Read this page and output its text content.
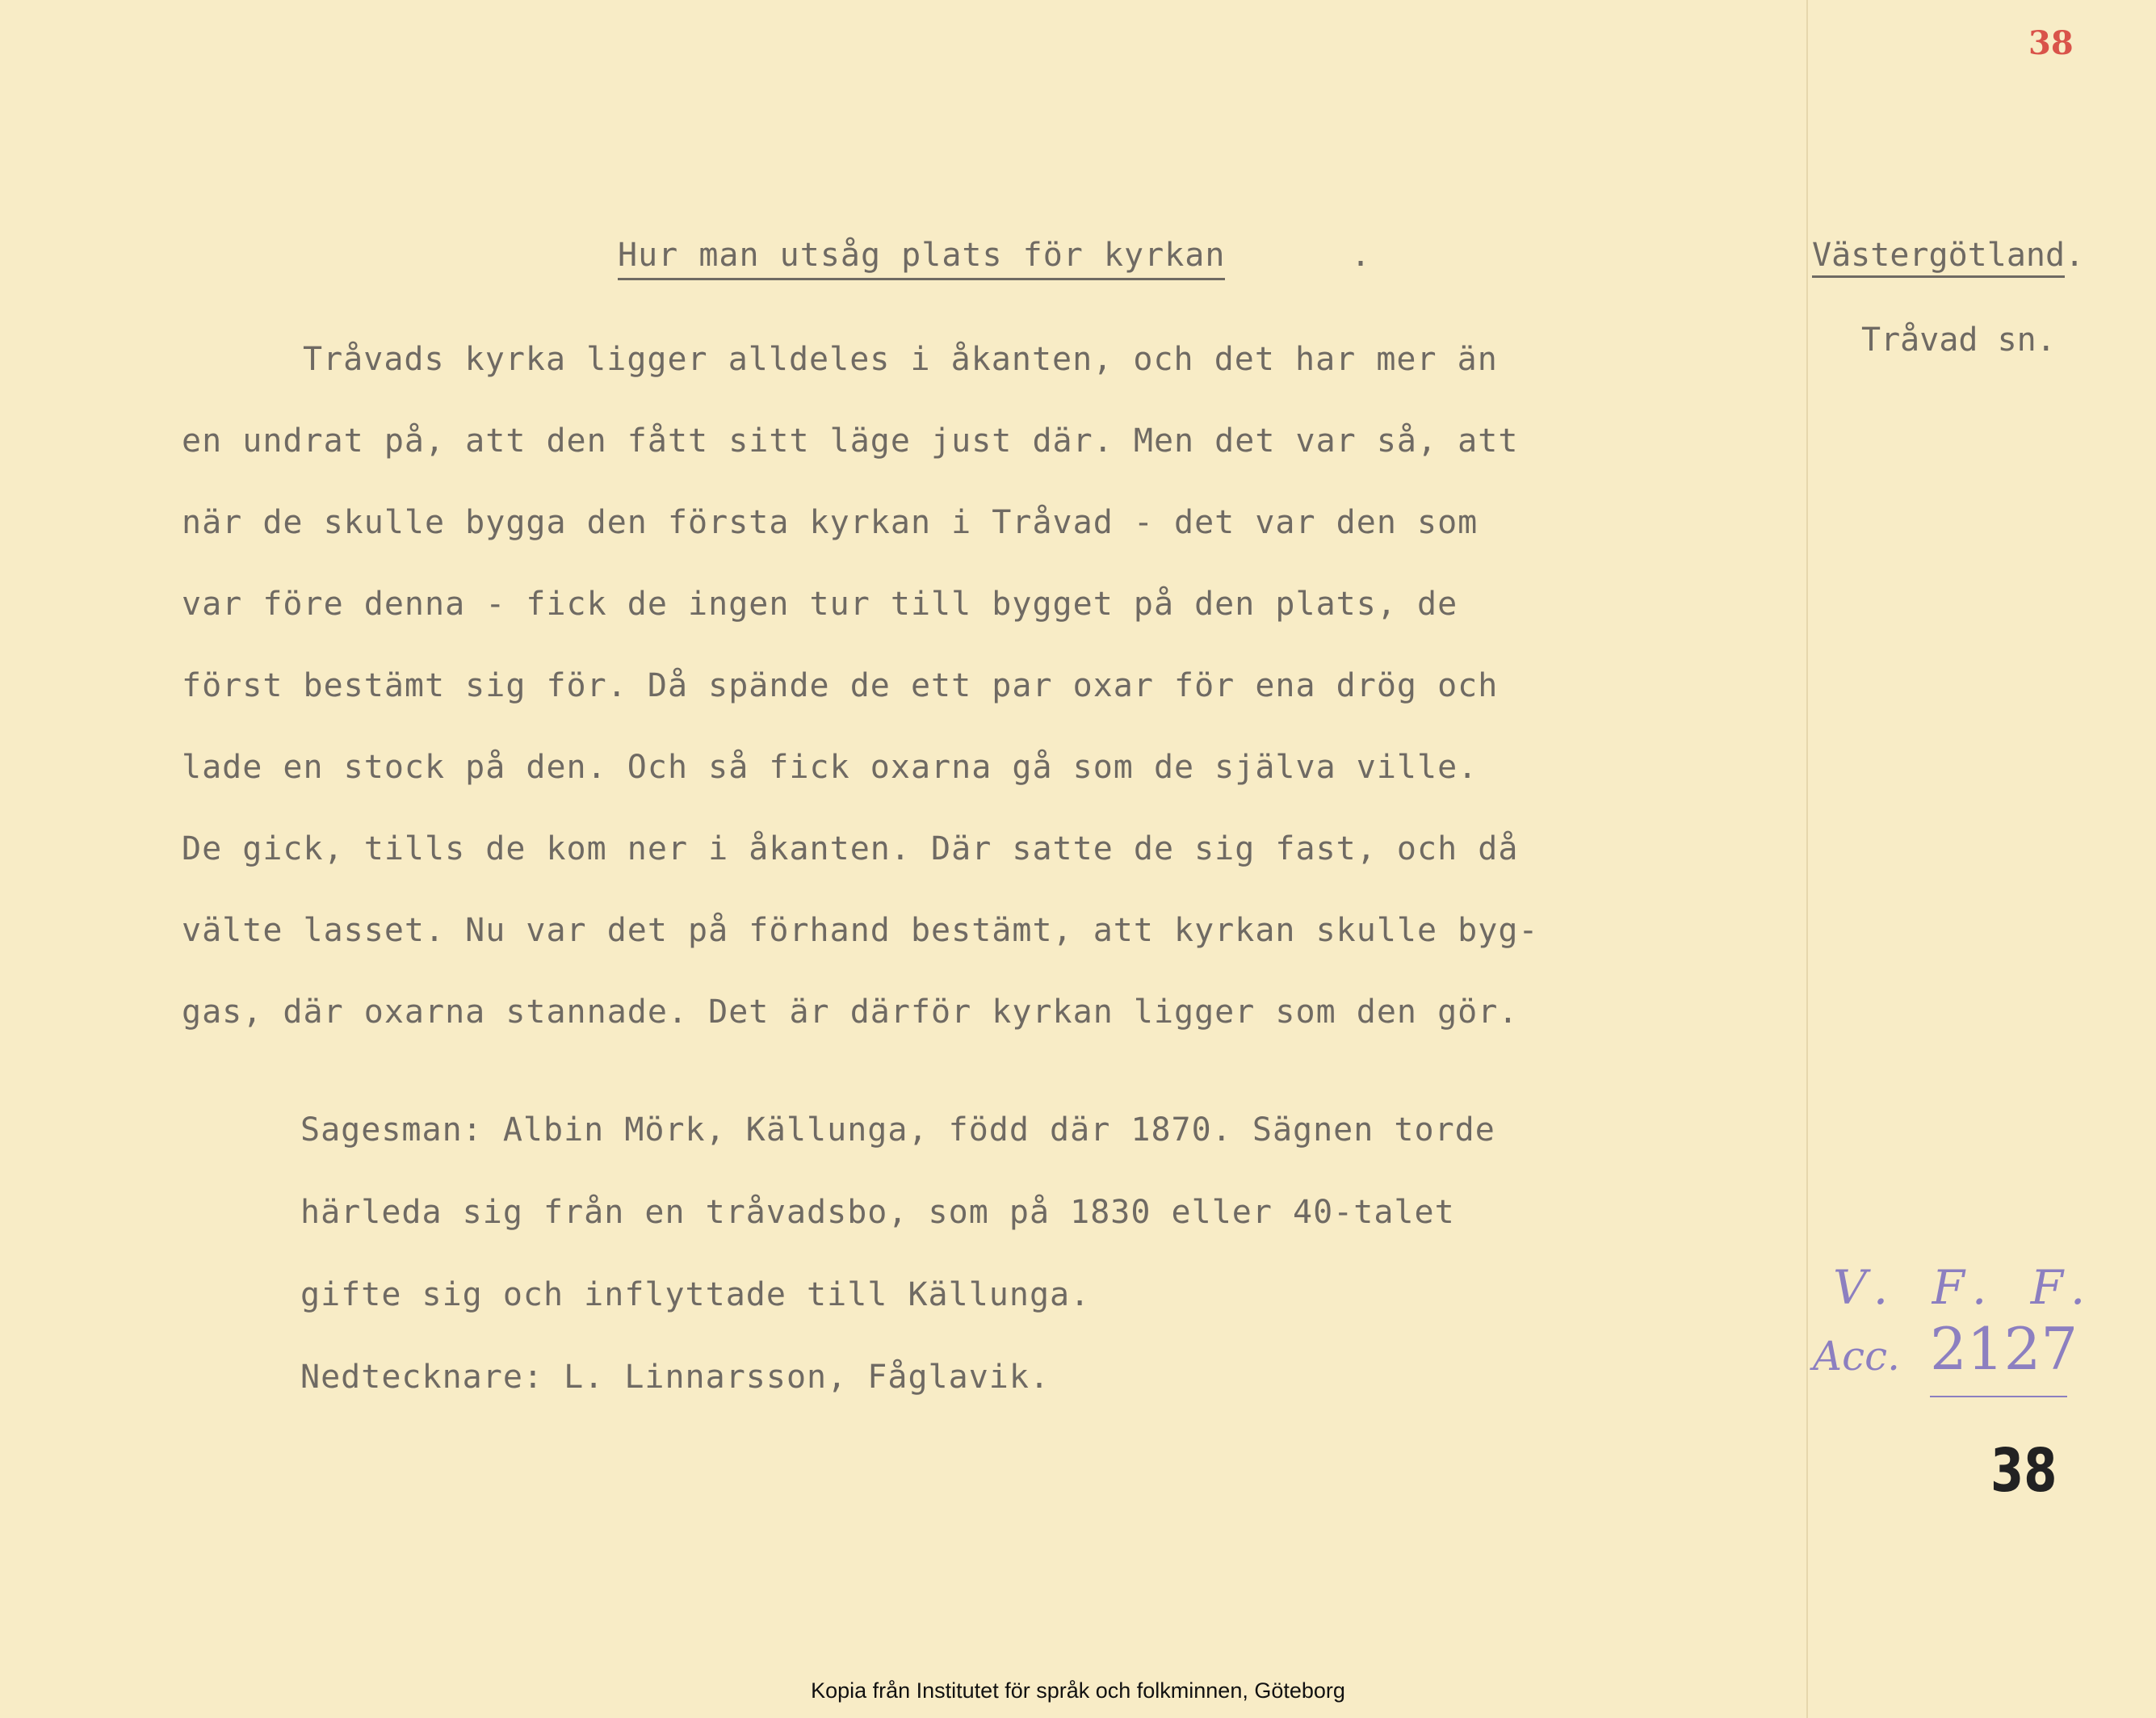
38
Hur man utsåg plats för kyrkan	.	Västergötland.
Tråvad sn.
Tråvads kyrka ligger alldeles i åkanten, och det har mer än
en undrat på, att den fått sitt läge just där. Men det var så, att
när de skulle bygga den första kyrkan i Tråvad - det var den som
var före denna - fick de ingen tur till bygget på den plats, de
först bestämt sig för. Då spände de ett par oxar för ena drög och
lade en stock på den. Och så fick oxarna gå som de själva ville.
De gick, tills de kom ner i åkanten. Där satte de sig fast, och då
välte lasset. Nu var det på förhand bestämt, att kyrkan skulle byg-
gas, där oxarna stannade. Det är därför kyrkan ligger som den gör.
Sagesman: Albin Mörk, Källunga, född där 1870. Sägnen torde
härleda sig från en tråvadsbo, som på 1830 eller 40-talet
gifte sig och inflyttade till Källunga.
Nedtecknare: L. Linnarsson, Fåglavik.
V. F. F.
Acc. 2127
38
Kopia från Institutet för språk och folkminnen, Göteborg
